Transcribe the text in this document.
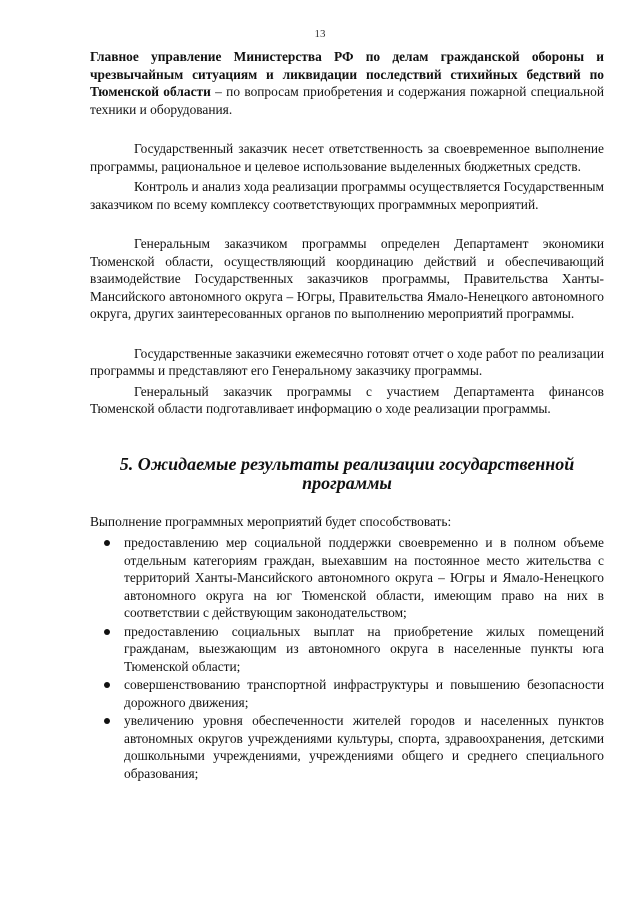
13

Главное управление Министерства РФ по делам гражданской обороны и чрезвычайным ситуациям и ликвидации последствий стихийных бедствий по Тюменской области – по вопросам приобретения и содержания пожарной специальной техники и оборудования.

Государственный заказчик несет ответственность за своевременное выполнение программы, рациональное и целевое использование выделенных бюджетных средств.

Контроль и анализ хода реализации программы осуществляется Государственным заказчиком по всему комплексу соответствующих программных мероприятий.

Генеральным заказчиком программы определен Департамент экономики Тюменской области, осуществляющий координацию действий и обеспечивающий взаимодействие Государственных заказчиков программы, Правительства Ханты-Мансийского автономного округа – Югры, Правительства Ямало-Ненецкого автономного округа, других заинтересованных органов по выполнению мероприятий программы.

Государственные заказчики ежемесячно готовят отчет о ходе работ по реализации программы и представляют его Генеральному заказчику программы.

Генеральный заказчик программы с участием Департамента финансов Тюменской области подготавливает информацию о ходе реализации программы.

5. Ожидаемые результаты реализации государственной программы

Выполнение программных мероприятий будет способствовать:

предоставлению мер социальной поддержки своевременно и в полном объеме отдельным категориям граждан, выехавшим на постоянное место жительства с территорий Ханты-Мансийского автономного округа – Югры и Ямало-Ненецкого автономного округа на юг Тюменской области, имеющим право на них в соответствии с действующим законодательством;

предоставлению социальных выплат на приобретение жилых помещений гражданам, выезжающим из автономного округа в населенные пункты юга Тюменской области;

совершенствованию транспортной инфраструктуры и повышению безопасности дорожного движения;

увеличению уровня обеспеченности жителей городов и населенных пунктов автономных округов учреждениями культуры, спорта, здравоохранения, детскими дошкольными учреждениями, учреждениями общего и среднего специального образования;
